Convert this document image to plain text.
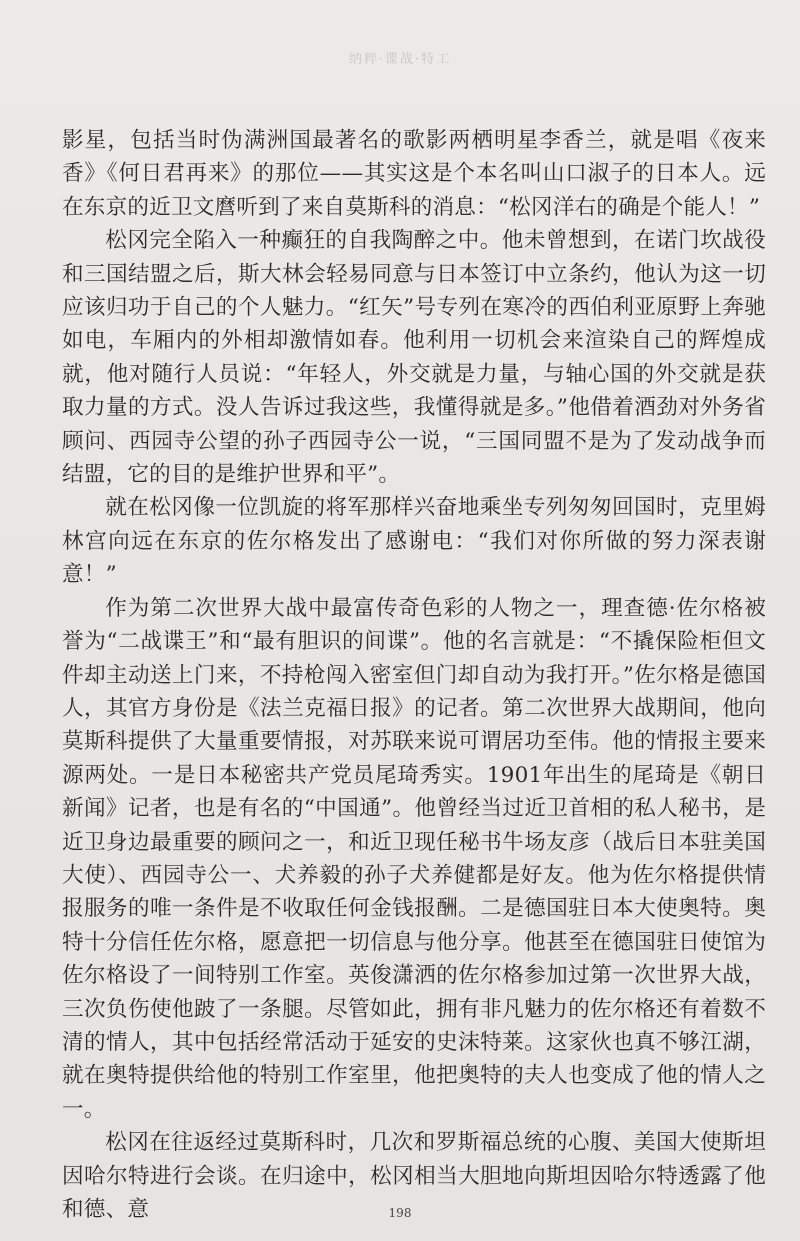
纳粹·谍战·特工

影星，包括当时伪满洲国最著名的歌影两栖明星李香兰，就是唱《夜来香》《何日君再来》的那位——其实这是个本名叫山口淑子的日本人。远在东京的近卫文麿听到了来自莫斯科的消息：“松冈洋右的确是个能人！”

松冈完全陷入一种癫狂的自我陶醉之中。他未曾想到，在诺门坎战役和三国结盟之后，斯大林会轻易同意与日本签订中立条约，他认为这一切应该归功于自己的个人魅力。“红矢”号专列在寒冷的西伯利亚原野上奔驰如电，车厢内的外相却激情如春。他利用一切机会来渲染自己的辉煌成就，他对随行人员说：“年轻人，外交就是力量，与轴心国的外交就是获取力量的方式。没人告诉过我这些，我懂得就是多。”他借着酒劲对外务省顾问、西园寺公望的孙子西园寺公一说，“三国同盟不是为了发动战争而结盟，它的目的是维护世界和平”。

就在松冈像一位凯旋的将军那样兴奋地乘坐专列匆匆回国时，克里姆林宫向远在东京的佐尔格发出了感谢电：“我们对你所做的努力深表谢意！”

作为第二次世界大战中最富传奇色彩的人物之一，理查德·佐尔格被誉为“二战谍王”和“最有胆识的间谍”。他的名言就是：“不撬保险柜但文件却主动送上门来，不持枪闯入密室但门却自动为我打开。”佐尔格是德国人，其官方身份是《法兰克福日报》的记者。第二次世界大战期间，他向莫斯科提供了大量重要情报，对苏联来说可谓居功至伟。他的情报主要来源两处。一是日本秘密共产党员尾琦秀实。1901年出生的尾琦是《朝日新闻》记者，也是有名的“中国通”。他曾经当过近卫首相的私人秘书，是近卫身边最重要的顾问之一，和近卫现任秘书牛场友彦（战后日本驻美国大使）、西园寺公一、犬养毅的孙子犬养健都是好友。他为佐尔格提供情报服务的唯一条件是不收取任何金钱报酬。二是德国驻日本大使奥特。奥特十分信任佐尔格，愿意把一切信息与他分享。他甚至在德国驻日使馆为佐尔格设了一间特别工作室。英俊潇洒的佐尔格参加过第一次世界大战，三次负伤使他跛了一条腿。尽管如此，拥有非凡魅力的佐尔格还有着数不清的情人，其中包括经常活动于延安的史沫特莱。这家伙也真不够江湖，就在奥特提供给他的特别工作室里，他把奥特的夫人也变成了他的情人之一。

松冈在往返经过莫斯科时，几次和罗斯福总统的心腹、美国大使斯坦因哈尔特进行会谈。在归途中，松冈相当大胆地向斯坦因哈尔特透露了他和德、意	198
